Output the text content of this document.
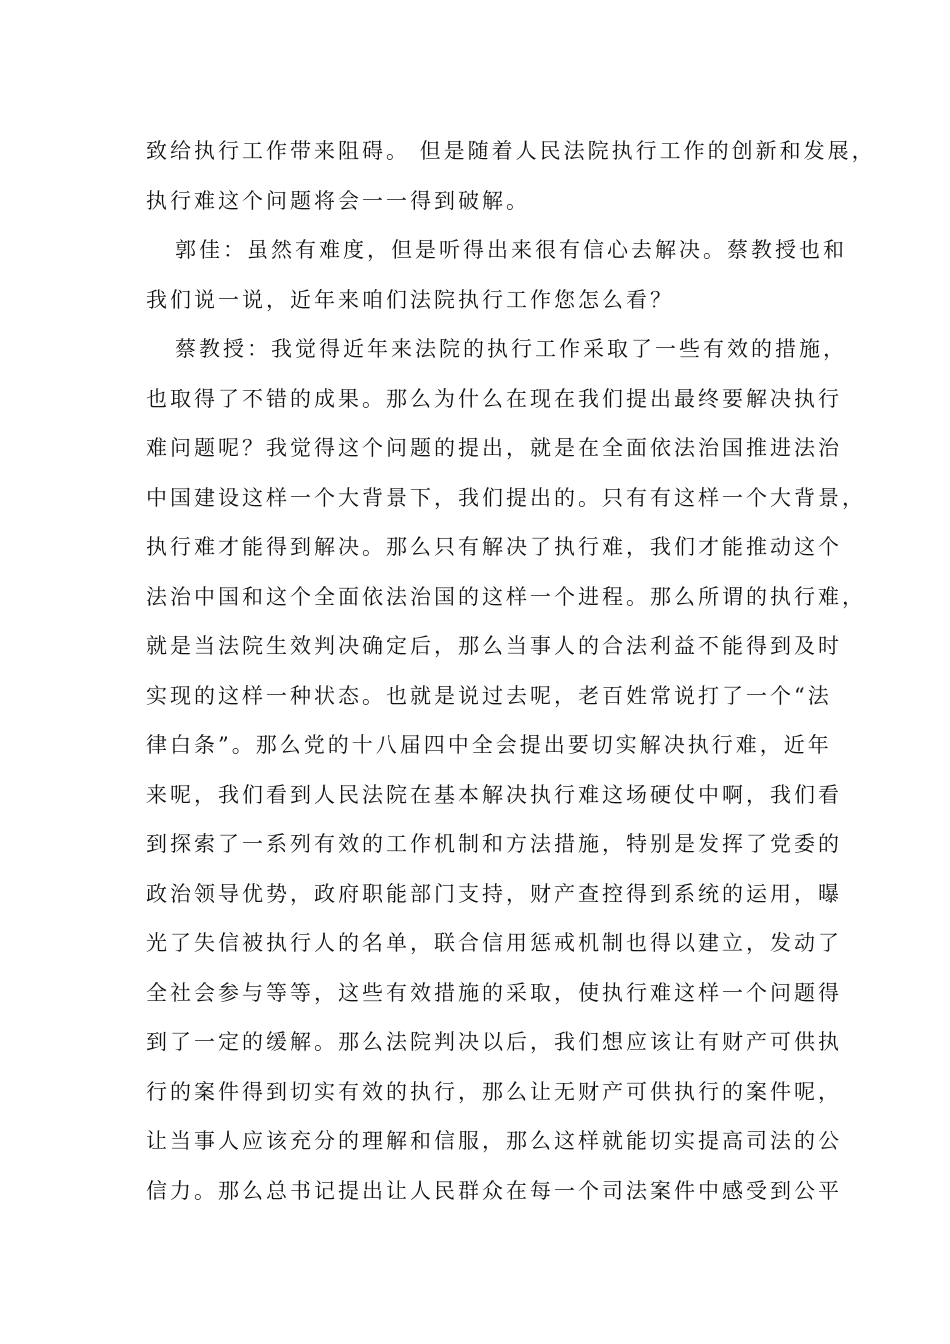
致给执行工作带来阻碍。 但是随着人民法院执行工作的创新和发展，
执行难这个问题将会一一得到破解。
郭佳：虽然有难度，但是听得出来很有信心去解决。蔡教授也和
我们说一说，近年来咱们法院执行工作您怎么看？
蔡教授：我觉得近年来法院的执行工作采取了一些有效的措施，
也取得了不错的成果。那么为什么在现在我们提出最终要解决执行
难问题呢？我觉得这个问题的提出，就是在全面依法治国推进法治
中国建设这样一个大背景下，我们提出的。只有有这样一个大背景，
执行难才能得到解决。那么只有解决了执行难，我们才能推动这个
法治中国和这个全面依法治国的这样一个进程。那么所谓的执行难，
就是当法院生效判决确定后，那么当事人的合法利益不能得到及时
实现的这样一种状态。也就是说过去呢，老百姓常说打了一个“法
律白条”。那么党的十八届四中全会提出要切实解决执行难，近年
来呢，我们看到人民法院在基本解决执行难这场硬仗中啊，我们看
到探索了一系列有效的工作机制和方法措施，特别是发挥了党委的
政治领导优势，政府职能部门支持，财产查控得到系统的运用，曝
光了失信被执行人的名单，联合信用惩戒机制也得以建立，发动了
全社会参与等等，这些有效措施的采取，使执行难这样一个问题得
到了一定的缓解。那么法院判决以后，我们想应该让有财产可供执
行的案件得到切实有效的执行，那么让无财产可供执行的案件呢，
让当事人应该充分的理解和信服，那么这样就能切实提高司法的公
信力。那么总书记提出让人民群众在每一个司法案件中感受到公平
